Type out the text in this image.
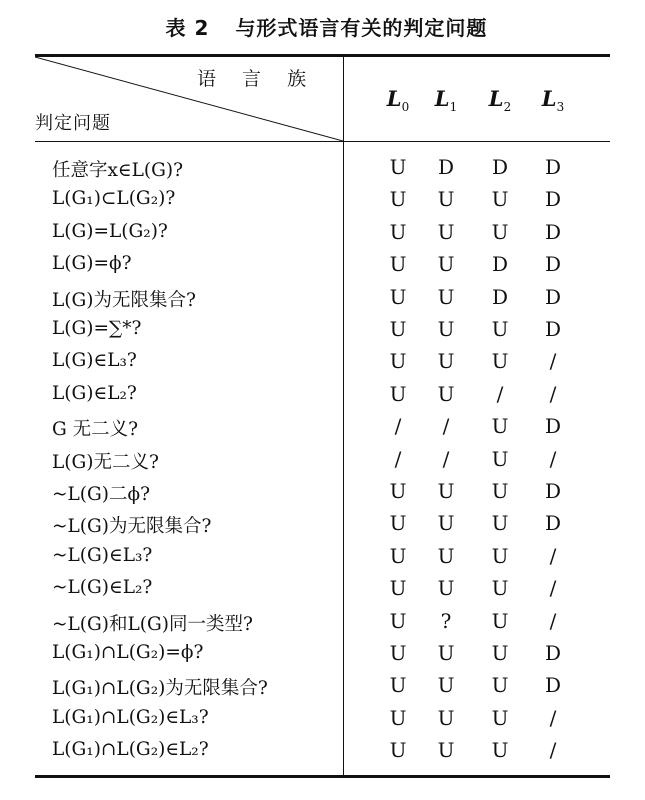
表 2 与形式语言有关的判定问题
语 言 族
判定问题
$L_0$	$L_1$	$L_2$	$L_3$
任意字x∈L(G)?	U	D	D	D
L(G₁)⊂L(G₂)?	U	U	U	D
L(G)=L(G₂)?	U	U	U	D
L(G)=ϕ?	U	U	D	D
L(G)为无限集合?	U	U	D	D
L(G)=∑*?	U	U	U	D
L(G)∈L₃?	U	U	U	/
L(G)∈L₂?	U	U	/	/
G 无二义?	/	/	U	D
L(G)无二义?	/	/	U	/
~L(G)二ϕ?	U	U	U	D
~L(G)为无限集合?	U	U	U	D
~L(G)∈L₃?	U	U	U	/
~L(G)∈L₂?	U	U	U	/
~L(G)和L(G)同一类型?	U	?	U	/
L(G₁)∩L(G₂)=ϕ?	U	U	U	D
L(G₁)∩L(G₂)为无限集合?	U	U	U	D
L(G₁)∩L(G₂)∈L₃?	U	U	U	/
L(G₁)∩L(G₂)∈L₂?	U	U	U	/
